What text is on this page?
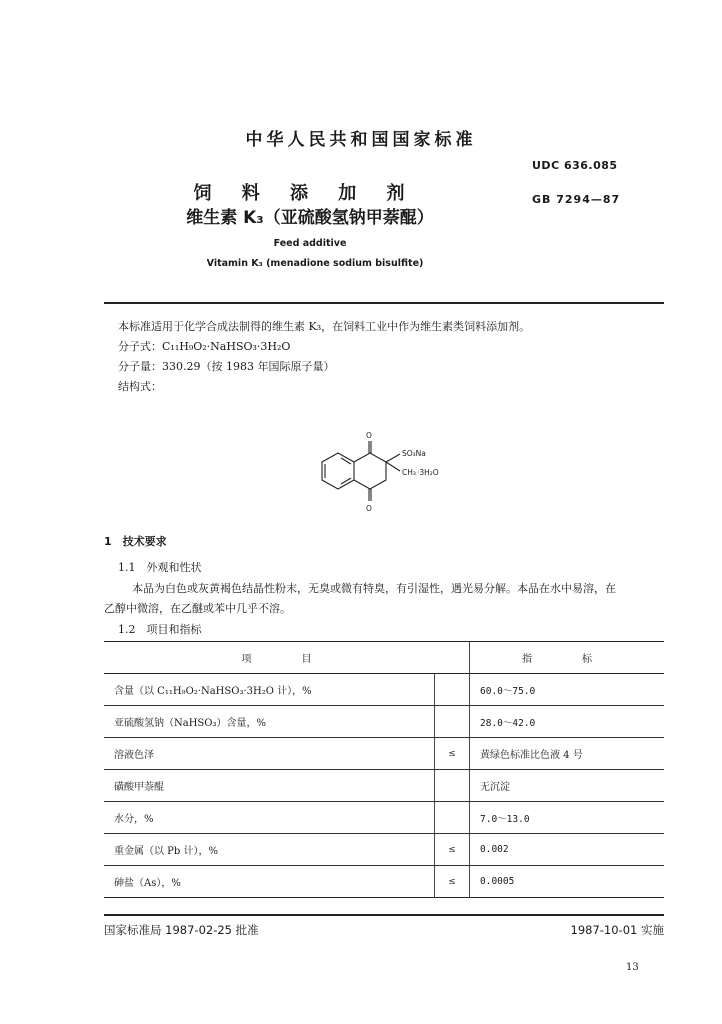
中华人民共和国国家标准
UDC 636.085
饲 料 添 加 剂	GB 7294—87
维生素 K₃（亚硫酸氢钠甲萘醌）
Feed additive
Vitamin K₃ (menadione sodium bisulfite)
本标准适用于化学合成法制得的维生素 K₃，在饲料工业中作为维生素类饲料添加剂。
分子式：C₁₁H₉O₂·NaHSO₃·3H₂O
分子量：330.29（按 1983 年国际原子量）
结构式：
O
O
SO₃Na
CH₃ ·3H₂O
1　技术要求
1.1　外观和性状
本品为白色或灰黄褐色结晶性粉末，无臭或微有特臭，有引湿性，遇光易分解。本品在水中易溶，在
乙醇中微溶，在乙醚或苯中几乎不溶。
1.2　项目和指标
项　目		指　标
含量（以 C₁₁H₉O₂·NaHSO₃·3H₂O 计），%		60.0～75.0
亚硫酸氢钠（NaHSO₃）含量，%		28.0～42.0
溶液色泽	≤	黄绿色标准比色液 4 号
磺酸甲萘醌		无沉淀
水分，%		7.0～13.0
重金属（以 Pb 计），%	≤	0.002
砷盐（As），%	≤	0.0005
国家标准局 1987-02-25 批准	1987-10-01 实施
13
